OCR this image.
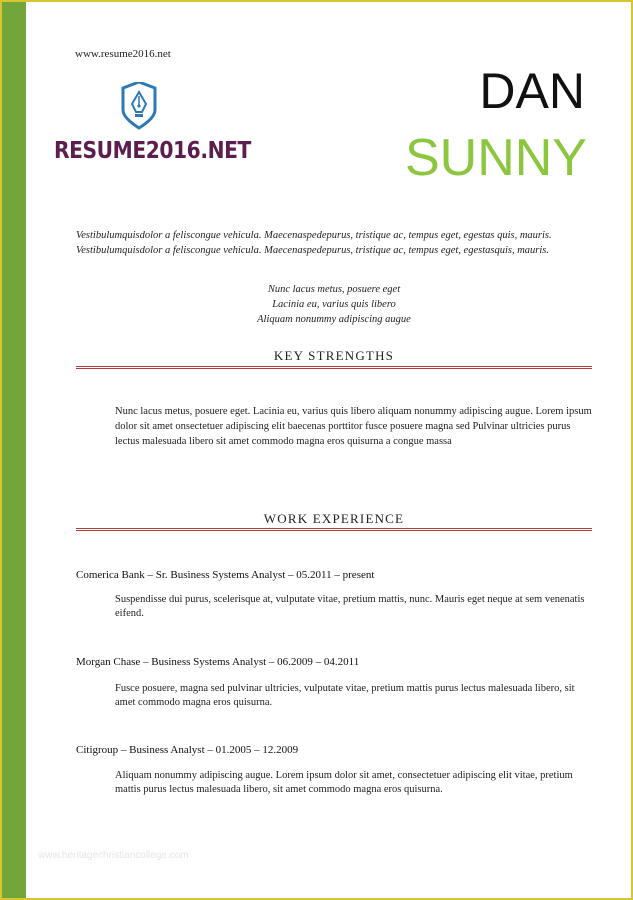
www.resume2016.net
RESUME2016.NET
DAN
SUNNY
Vestibulumquisdolor a feliscongue vehicula. Maecenaspedepurus, tristique ac, tempus eget, egestas quis, mauris. Vestibulumquisdolor a feliscongue vehicula. Maecenaspedepurus, tristique ac, tempus eget, egestasquis, mauris.
Nunc lacus metus, posuere eget
Lacinia eu, varius quis libero
Aliquam nonummy adipiscing augue
KEY STRENGTHS
Nunc lacus metus, posuere eget. Lacinia eu, varius quis libero aliquam nonummy adipiscing augue. Lorem ipsum dolor sit amet onsectetuer adipiscing elit baecenas porttitor fusce posuere magna sed Pulvinar ultricies purus lectus malesuada libero sit amet commodo magna eros quisurna a congue massa
WORK EXPERIENCE
Comerica Bank – Sr. Business Systems Analyst – 05.2011 – present
Suspendisse dui purus, scelerisque at, vulputate vitae, pretium mattis, nunc. Mauris eget neque at sem venenatis eifend.
Morgan Chase – Business Systems Analyst – 06.2009 – 04.2011
Fusce posuere, magna sed pulvinar ultricies, vulputate vitae, pretium mattis purus lectus malesuada libero, sit amet commodo magna eros quisurna.
Citigroup – Business Analyst – 01.2005 – 12.2009
Aliquam nonummy adipiscing augue. Lorem ipsum dolor sit amet, consectetuer adipiscing elit vitae, pretium mattis purus lectus malesuada libero, sit amet commodo magna eros quisurna.
www.heritagechristiancollege.com
